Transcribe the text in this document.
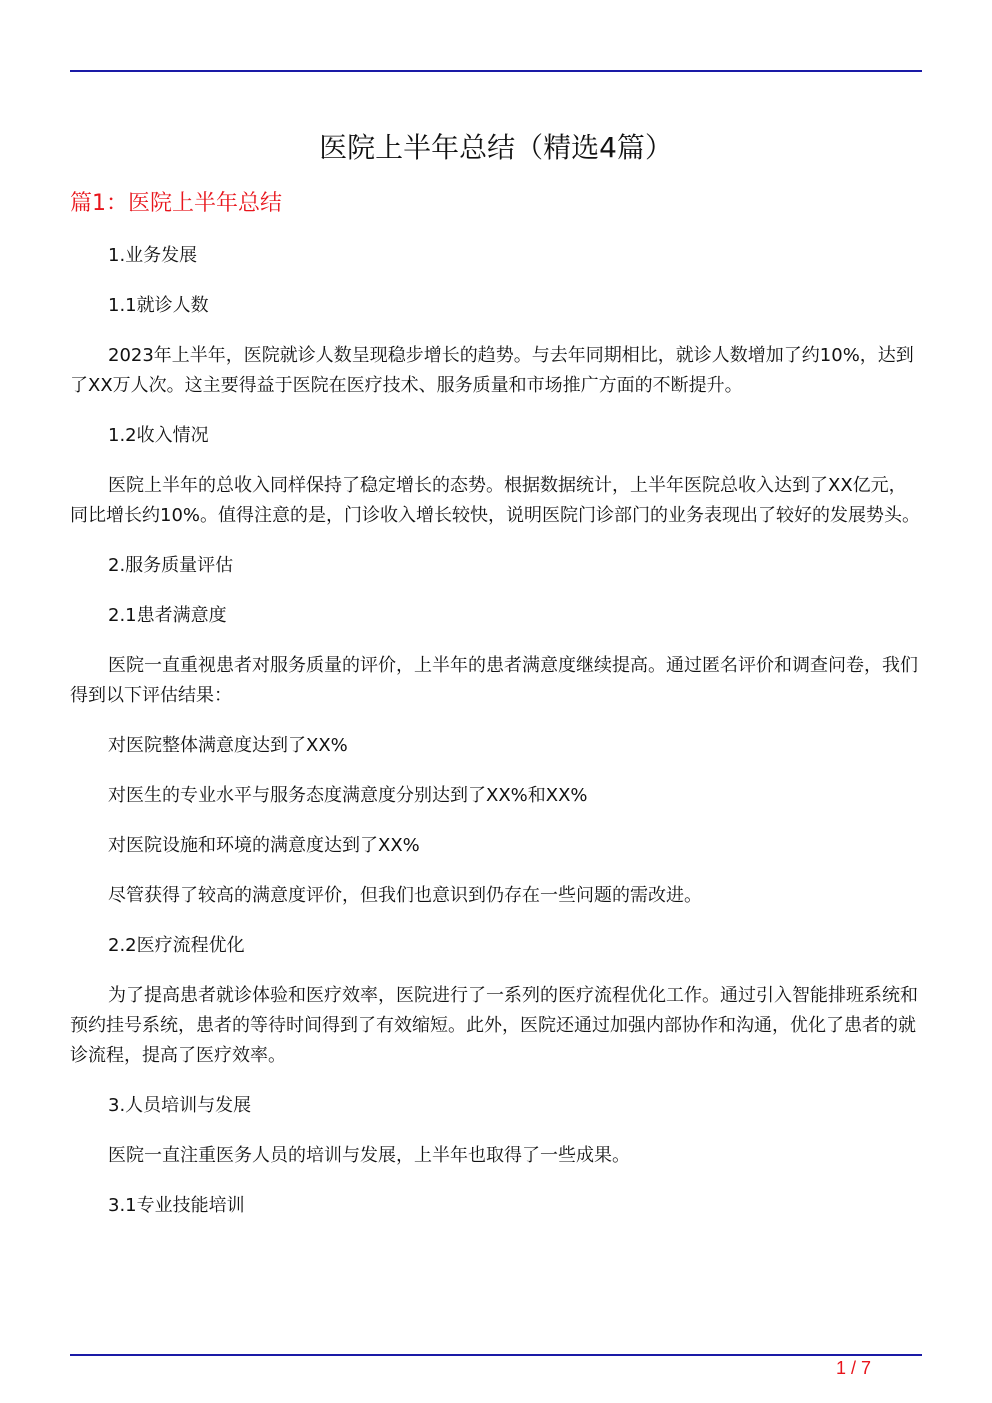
医院上半年总结（精选4篇）
篇1：医院上半年总结

1.业务发展

1.1就诊人数

2023年上半年，医院就诊人数呈现稳步增长的趋势。与去年同期相比，就诊人数增加了约10%，达到了XX万人次。这主要得益于医院在医疗技术、服务质量和市场推广方面的不断提升。

1.2收入情况

医院上半年的总收入同样保持了稳定增长的态势。根据数据统计，上半年医院总收入达到了XX亿元，同比增长约10%。值得注意的是，门诊收入增长较快，说明医院门诊部门的业务表现出了较好的发展势头。

2.服务质量评估

2.1患者满意度

医院一直重视患者对服务质量的评价，上半年的患者满意度继续提高。通过匿名评价和调查问卷，我们得到以下评估结果：

对医院整体满意度达到了XX%

对医生的专业水平与服务态度满意度分别达到了XX%和XX%

对医院设施和环境的满意度达到了XX%

尽管获得了较高的满意度评价，但我们也意识到仍存在一些问题的需改进。

2.2医疗流程优化

为了提高患者就诊体验和医疗效率，医院进行了一系列的医疗流程优化工作。通过引入智能排班系统和预约挂号系统，患者的等待时间得到了有效缩短。此外，医院还通过加强内部协作和沟通，优化了患者的就诊流程，提高了医疗效率。

3.人员培训与发展

医院一直注重医务人员的培训与发展，上半年也取得了一些成果。

3.1专业技能培训

1 / 7
